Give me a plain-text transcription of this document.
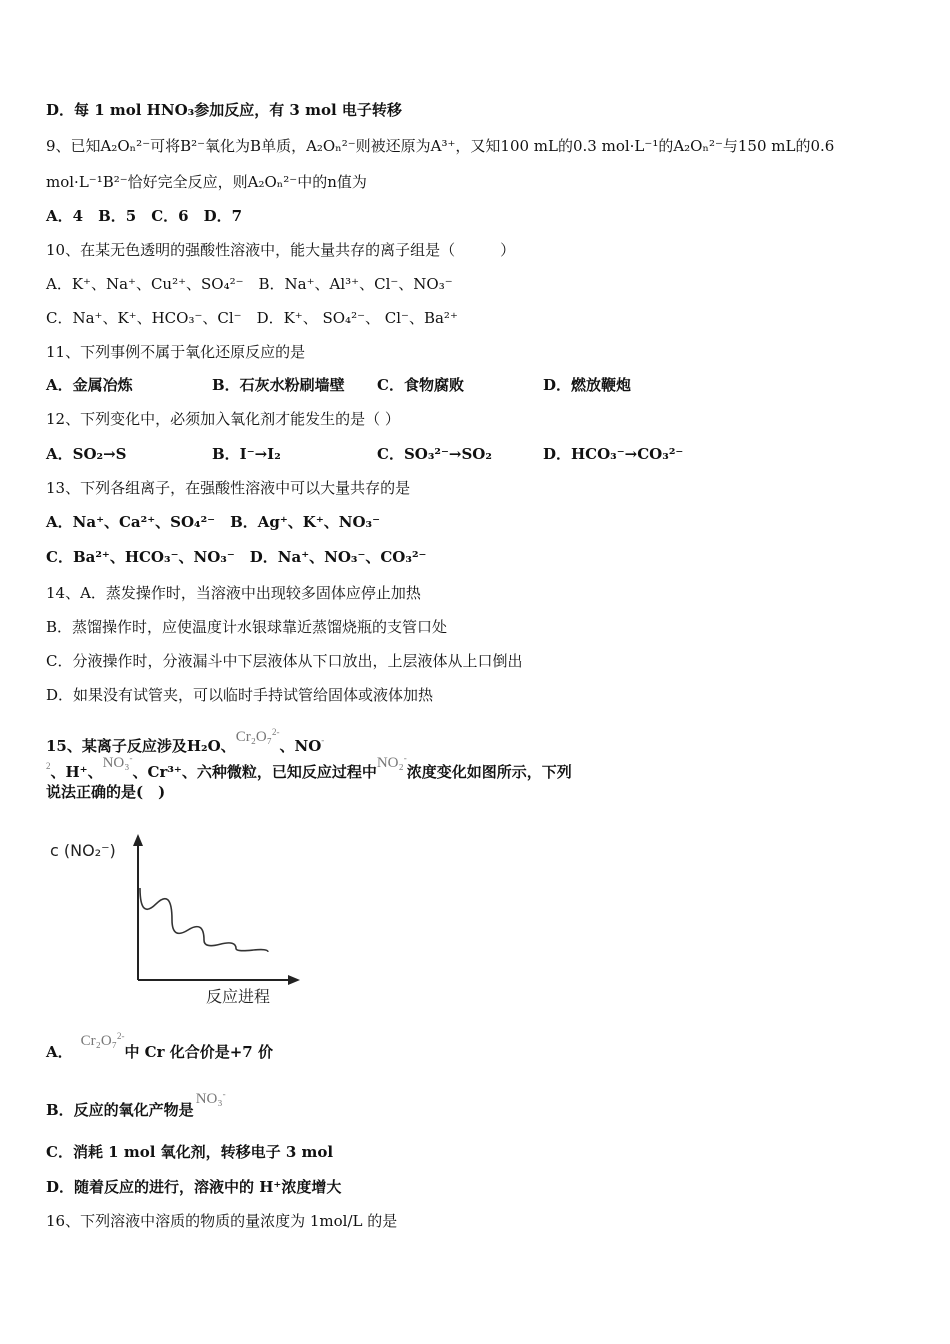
D．每 1 mol HNO₃参加反应，有 3 mol 电子转移
9、已知A₂Oₙ²⁻可将B²⁻氧化为B单质，A₂Oₙ²⁻则被还原为A³⁺，又知100 mL的0.3 mol·L⁻¹的A₂Oₙ²⁻与150 mL的0.6
mol·L⁻¹B²⁻恰好完全反应，则A₂Oₙ²⁻中的n值为
A．4　B．5　C．6　D．7
10、在某无色透明的强酸性溶液中，能大量共存的离子组是（　　　）
A．K⁺、Na⁺、Cu²⁺、SO₄²⁻　B．Na⁺、Al³⁺、Cl⁻、NO₃⁻
C．Na⁺、K⁺、HCO₃⁻、Cl⁻　D．K⁺、 SO₄²⁻、 Cl⁻、Ba²⁺
11、下列事例不属于氧化还原反应的是
A．金属冶炼	B．石灰水粉刷墙壁 C．食物腐败	D．燃放鞭炮
12、下列变化中，必须加入氧化剂才能发生的是（ ）
A．SO₂→S	B．I⁻→I₂	C．SO₃²⁻→SO₂	D．HCO₃⁻→CO₃²⁻
13、下列各组离子，在强酸性溶液中可以大量共存的是
A．Na⁺、Ca²⁺、SO₄²⁻　B．Ag⁺、K⁺、NO₃⁻
C．Ba²⁺、HCO₃⁻、NO₃⁻　D．Na⁺、NO₃⁻、CO₃²⁻
14、A．蒸发操作时，当溶液中出现较多固体应停止加热
B．蒸馏操作时，应使温度计水银球靠近蒸馏烧瓶的支管口处
C．分液操作时，分液漏斗中下层液体从下口放出，上层液体从上口倒出
D．如果没有试管夹，可以临时手持试管给固体或液体加热
15、某离子反应涉及H₂O、Cr₂O₇$^{2-}$、$NO^{- 2}$、H⁺、NO₃-、Cr³⁺、六种微粒，已知反应过程中NO₂-浓度变化如图所示，下列
说法正确的是(　)
c (NO₂⁻)
反应进程
A．Cr₂O₇$^{2-}$中 Cr 化合价是+7 价
B．反应的氧化产物是NO₃-
C．消耗 1 mol 氧化剂，转移电子 3 mol
D．随着反应的进行，溶液中的 H⁺浓度增大
16、下列溶液中溶质的物质的量浓度为 1mol/L 的是
